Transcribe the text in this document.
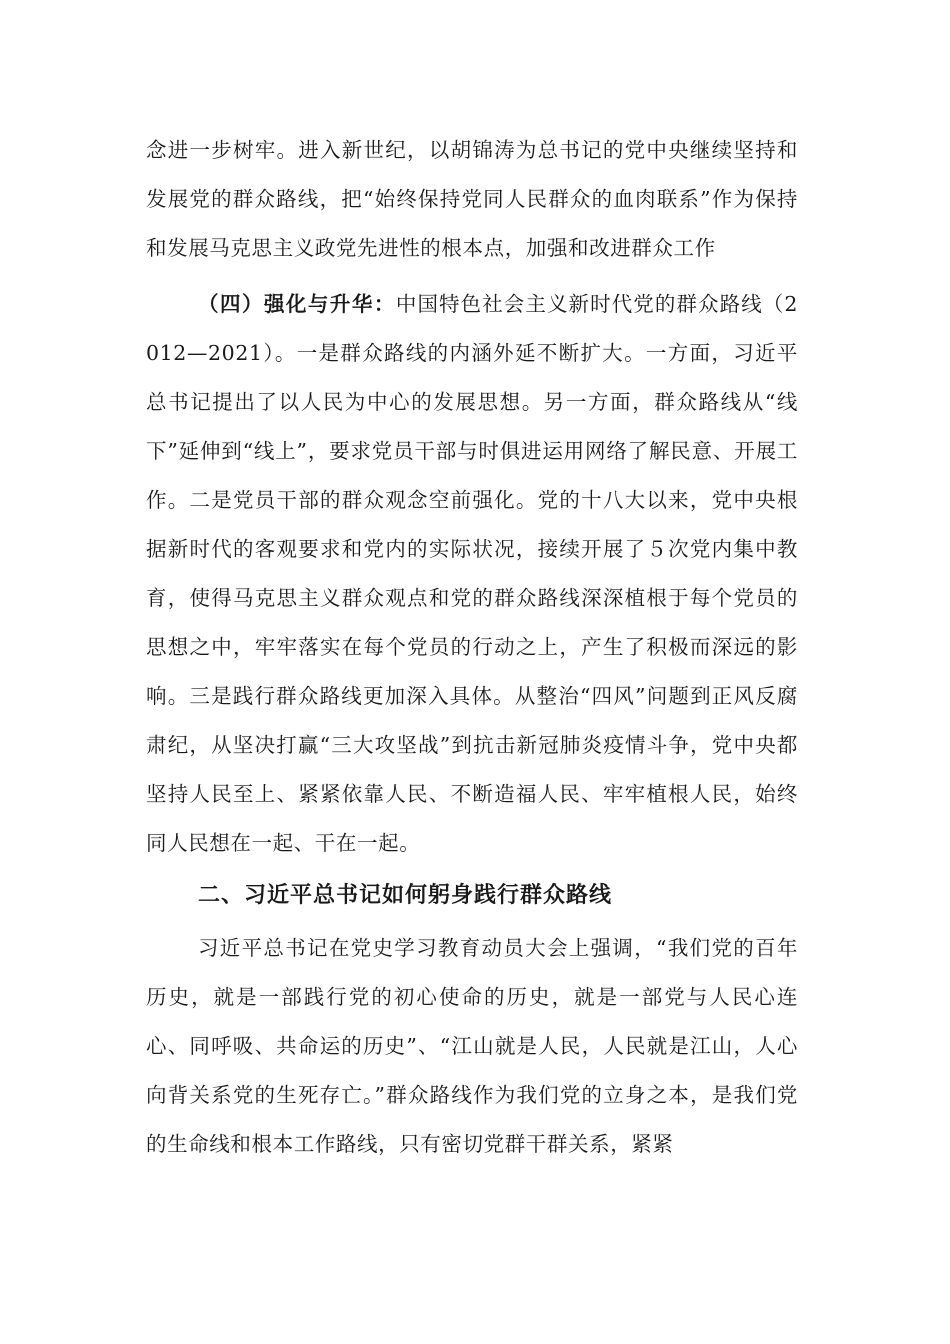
念进一步树牢。进入新世纪，以胡锦涛为总书记的党中央继续坚持和发展党的群众路线，把“始终保持党同人民群众的血肉联系”作为保持和发展马克思主义政党先进性的根本点，加强和改进群众工作

（四）强化与升华：中国特色社会主义新时代党的群众路线（2012—2021）。一是群众路线的内涵外延不断扩大。一方面，习近平总书记提出了以人民为中心的发展思想。另一方面，群众路线从“线下”延伸到“线上”，要求党员干部与时俱进运用网络了解民意、开展工作。二是党员干部的群众观念空前强化。党的十八大以来，党中央根据新时代的客观要求和党内的实际状况，接续开展了５次党内集中教育，使得马克思主义群众观点和党的群众路线深深植根于每个党员的思想之中，牢牢落实在每个党员的行动之上，产生了积极而深远的影响。三是践行群众路线更加深入具体。从整治“四风”问题到正风反腐肃纪，从坚决打赢“三大攻坚战”到抗击新冠肺炎疫情斗争，党中央都坚持人民至上、紧紧依靠人民、不断造福人民、牢牢植根人民，始终同人民想在一起、干在一起。

二、习近平总书记如何躬身践行群众路线

习近平总书记在党史学习教育动员大会上强调，“我们党的百年历史，就是一部践行党的初心使命的历史，就是一部党与人民心连心、同呼吸、共命运的历史”、“江山就是人民，人民就是江山，人心向背关系党的生死存亡。”群众路线作为我们党的立身之本，是我们党的生命线和根本工作路线，只有密切党群干群关系，紧紧
